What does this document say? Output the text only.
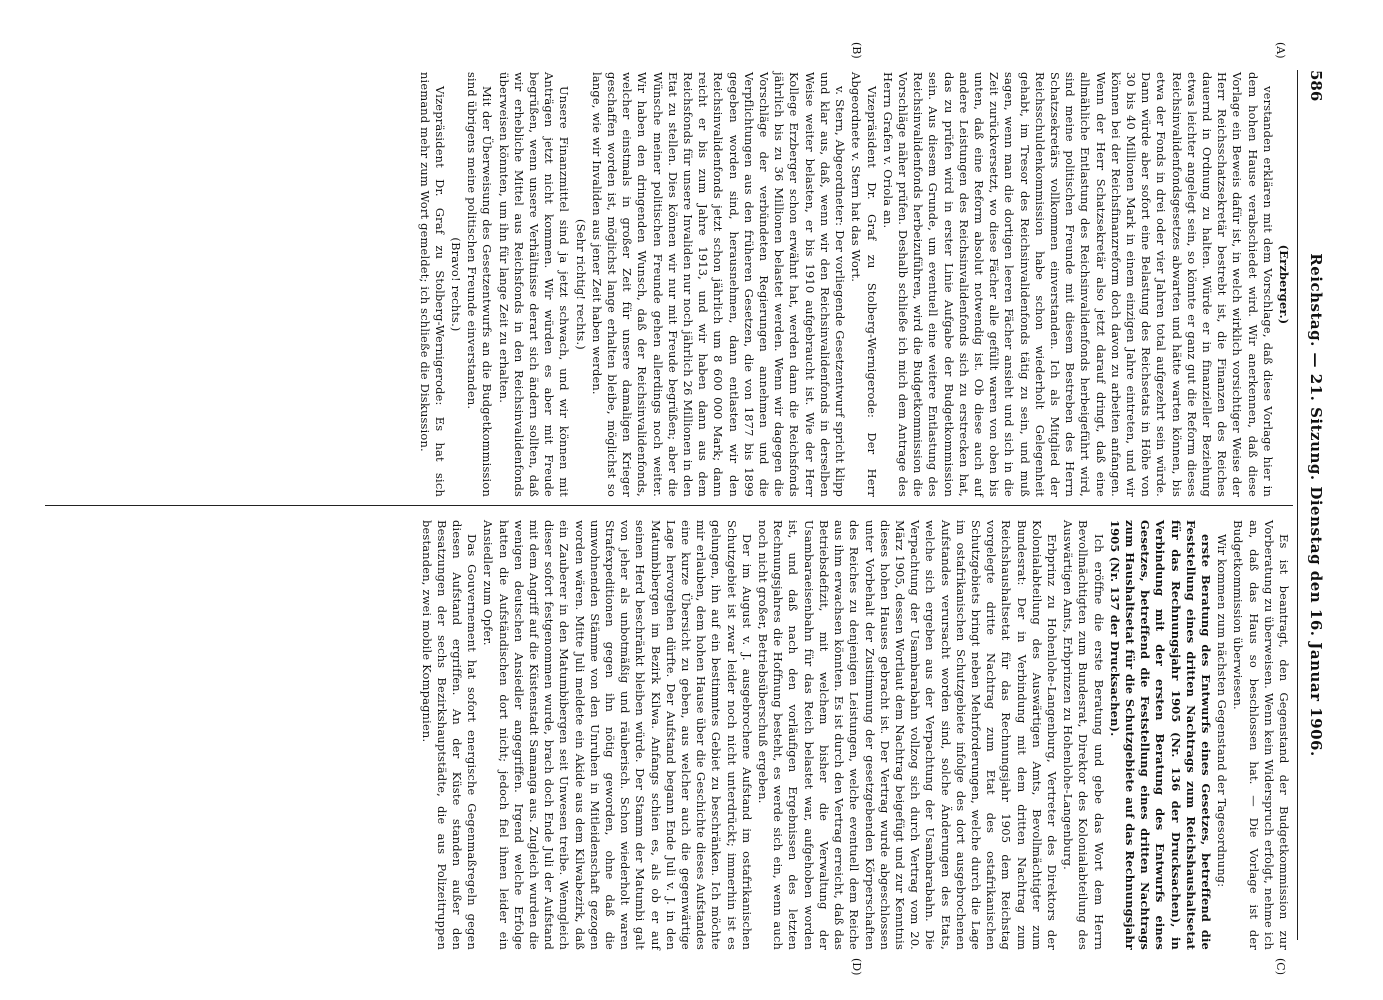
586
Reichstag. — 21. Sitzung. Dienstag den 16. Januar 1906.
(A)
(B)
(C)
(D)

(Erzberger.)

verstanden erklären mit dem Vorschlage, daß diese Vorlage hier in dem hohen Hause verabschiedet wird. Wir anerkennen, daß diese Vorlage ein Beweis dafür ist, in welch wirklich vorsichtiger Weise der Herr Reichsschatzsekretär bestrebt ist, die Finanzen des Reiches dauernd in Ordnung zu halten. Würde er in finanzieller Beziehung etwas leichter angelegt sein, so könnte er ganz gut die Reform dieses Reichsinvalidenfondsgesetzes abwarten und hätte warten können, bis etwa der Fonds in drei oder vier Jahren total aufgezehrt sein würde. Dann würde aber sofort eine Belastung des Reichsetats in Höhe von 30 bis 40 Millionen Mark in einem einzigen Jahre eintreten, und wir können bei der Reichsfinanzreform doch davon zu arbeiten anfangen. Wenn der Herr Schatzsekretär also jetzt darauf dringt, daß eine allmähliche Entlastung des Reichsinvalidenfonds herbeigeführt wird, sind meine politischen Freunde mit diesem Bestreben des Herrn Schatzsekretärs vollkommen einverstanden. Ich als Mitglied der Reichsschuldenkommission habe schon wiederholt Gelegenheit gehabt, im Tresor des Reichsinvalidenfonds tätig zu sein, und muß sagen, wenn man die dortigen leeren Fächer ansieht und sich in die Zeit zurückversetzt, wo diese Fächer alle gefüllt waren von oben bis unten, daß eine Reform absolut notwendig ist. Ob diese auch auf andere Leistungen des Reichsinvalidenfonds sich zu erstrecken hat, das zu prüfen wird in erster Linie Aufgabe der Budgetkommission sein. Aus diesem Grunde, um eventuell eine weitere Entlastung des Reichsinvalidenfonds herbeizuführen, wird die Budgetkommission die Vorschläge näher prüfen. Deshalb schließe ich mich dem Antrage des Herrn Grafen v. Oriola an.

Vizepräsident Dr. Graf zu Stolberg-Wernigerode: Der Herr Abgeordnete v. Stern hat das Wort.

v. Stern, Abgeordneter: Der vorliegende Gesetzentwurf spricht klipp und klar aus, daß, wenn wir den Reichsinvalidenfonds in derselben Weise weiter belasten, er bis 1910 aufgebraucht ist. Wie der Herr Kollege Erzberger schon erwähnt hat, werden dann die Reichsfonds jährlich bis zu 36 Millionen belastet werden. Wenn wir dagegen die Vorschläge der verbündeten Regierungen annehmen und die Verpflichtungen aus den früheren Gesetzen, die von 1877 bis 1899 gegeben worden sind, herausnehmen, dann entlasten wir den Reichsinvalidenfonds jetzt schon jährlich um 8 600 000 Mark; dann reicht er bis zum Jahre 1913, und wir haben dann aus dem Reichsfonds für unsere Invaliden nur noch jährlich 26 Millionen in den Etat zu stellen. Dies können wir nur mit Freude begrüßen; aber die Wünsche meiner politischen Freunde gehen allerdings noch weiter. Wir haben den dringenden Wunsch, daß der Reichsinvalidenfonds, welcher einstmals in großer Zeit für unsere damaligen Krieger geschaffen worden ist, möglichst lange erhalten bleibe, möglichst so lange, wie wir Invaliden aus jener Zeit haben werden.

(Sehr richtig! rechts.)

Unsere Finanzmittel sind ja jetzt schwach, und wir können mit Anträgen jetzt nicht kommen. Wir würden es aber mit Freude begrüßen, wenn unsere Verhältnisse derart sich ändern sollten, daß wir erhebliche Mittel aus Reichsfonds in den Reichsinvalidenfonds überweisen könnten, um ihn für lange Zeit zu erhalten.

Mit der Überweisung des Gesetzentwurfs an die Budgetkommission sind übrigens meine politischen Freunde einverstanden.

(Bravo! rechts.)

Vizepräsident Dr. Graf zu Stolberg-Wernigerode: Es hat sich niemand mehr zum Wort gemeldet; ich schließe die Diskussion.

Es ist beantragt, den Gegenstand der Budgetkommission zur Vorberatung zu überweisen. Wenn kein Widerspruch erfolgt, nehme ich an, daß das Haus so beschlossen hat. — Die Vorlage ist der Budgetkommission überwiesen.

Wir kommen zum nächsten Gegenstand der Tagesordnung:

erste Beratung des Entwurfs eines Gesetzes, betreffend die Feststellung eines dritten Nachtrags zum Reichshaushaltsetat für das Rechnungsjahr 1905 (Nr. 136 der Drucksachen), in Verbindung mit der ersten Beratung des Entwurfs eines Gesetzes, betreffend die Feststellung eines dritten Nachtrags zum Haushaltsetat für die Schutzgebiete auf das Rechnungsjahr 1905 (Nr. 137 der Drucksachen).

Ich eröffne die erste Beratung und gebe das Wort dem Herrn Bevollmächtigten zum Bundesrat, Direktor des Kolonialabteilung des Auswärtigen Amts, Erbprinzen zu Hohenlohe-Langenburg.

Erbprinz zu Hohenlohe-Langenburg, Vertreter des Direktors der Kolonialabteilung des Auswärtigen Amts, Bevollmächtigter zum Bundesrat: Der in Verbindung mit dem dritten Nachtrag zum Reichshaushaltsetat für das Rechnungsjahr 1905 dem Reichstag vorgelegte dritte Nachtrag zum Etat des ostafrikanischen Schutzgebiets bringt neben Mehrforderungen, welche durch die Lage im ostafrikanischen Schutzgebiete infolge des dort ausgebrochenen Aufstandes verursacht worden sind, solche Änderungen des Etats, welche sich ergeben aus der Verpachtung der Usambarabahn. Die Verpachtung der Usambarabahn vollzog sich durch Vertrag vom 20. März 1905, dessen Wortlaut dem Nachtrag beigefügt und zur Kenntnis dieses hohen Hauses gebracht ist. Der Vertrag wurde abgeschlossen unter Vorbehalt der Zustimmung der gesetzgebenden Körperschaften des Reiches zu denjenigen Leistungen, welche eventuell dem Reiche aus ihm erwachsen könnten. Es ist durch den Vertrag erreicht, daß das Betriebsdefizit, mit welchem bisher die Verwaltung der Usambaraeisenbahn für das Reich belastet war, aufgehoben worden ist, und daß nach den vorläufigen Ergebnissen des letzten Rechnungsjahres die Hoffnung besteht, es werde sich ein, wenn auch noch nicht großer, Betriebsüberschuß ergeben.

Der im August v. J. ausgebrochene Aufstand im ostafrikanischen Schutzgebiet ist zwar leider noch nicht unterdrückt; immerhin ist es gelungen, ihn auf ein bestimmtes Gebiet zu beschränken. Ich möchte mir erlauben, dem hohen Hause über die Geschichte dieses Aufstandes eine kurze Übersicht zu geben, aus welcher auch die gegenwärtige Lage hervorgehen dürfte. Der Aufstand begann Ende Juli v. J. in den Matumbibergen im Bezirk Kilwa. Anfangs schien es, als ob er auf seinen Herd beschränkt bleiben würde. Der Stamm der Matumbi galt von jeher als unbotmäßig und räuberisch. Schon wiederholt waren Strafexpeditionen gegen ihn nötig geworden, ohne daß die umwohnenden Stämme von den Unruhen in Mitleidenschaft gezogen worden wären. Mitte Juli meldete ein Akide aus dem Kilwabezirk, daß ein Zauberer in den Matumbibergen seit Unwesen treibe. Wenngleich dieser sofort festgenommen wurde, brach doch Ende Juli der Aufstand mit dem Angriff auf die Küstenstadt Samanga aus. Zugleich wurden die wenigen deutschen Ansiedler angegriffen. Irgend welche Erfolge hatten die Aufständischen dort nicht; jedoch fiel ihnen leider ein Ansiedler zum Opfer.

Das Gouvernement hat sofort energische Gegenmaßregeln gegen diesen Aufstand ergriffen. An der Küste standen außer den Besatzungen der sechs Bezirkshauptstädte, die aus Polizeitruppen bestanden, zwei mobile Kompagnien.
